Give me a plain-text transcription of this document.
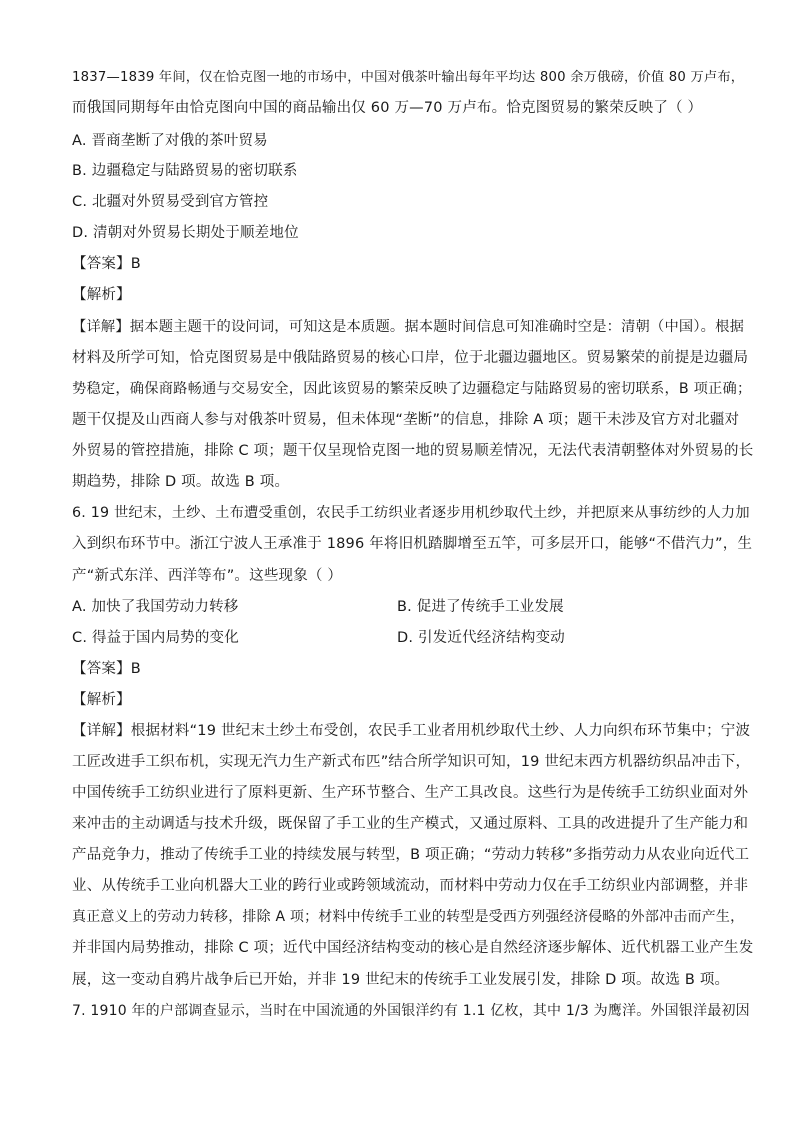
1837—1839 年间，仅在恰克图一地的市场中，中国对俄茶叶输出每年平均达 800 余万俄磅，价值 80 万卢布，
而俄国同期每年由恰克图向中国的商品输出仅 60 万—70 万卢布。恰克图贸易的繁荣反映了（ ）
A. 晋商垄断了对俄的茶叶贸易
B. 边疆稳定与陆路贸易的密切联系
C. 北疆对外贸易受到官方管控
D. 清朝对外贸易长期处于顺差地位
【答案】B
【解析】
【详解】据本题主题干的设问词，可知这是本质题。据本题时间信息可知准确时空是：清朝（中国）。根据
材料及所学可知，恰克图贸易是中俄陆路贸易的核心口岸，位于北疆边疆地区。贸易繁荣的前提是边疆局
势稳定，确保商路畅通与交易安全，因此该贸易的繁荣反映了边疆稳定与陆路贸易的密切联系，B 项正确；
题干仅提及山西商人参与对俄茶叶贸易，但未体现“垄断”的信息，排除 A 项；题干未涉及官方对北疆对
外贸易的管控措施，排除 C 项；题干仅呈现恰克图一地的贸易顺差情况，无法代表清朝整体对外贸易的长
期趋势，排除 D 项。故选 B 项。
6. 19 世纪末，土纱、土布遭受重创，农民手工纺织业者逐步用机纱取代土纱，并把原来从事纺纱的人力加
入到织布环节中。浙江宁波人王承准于 1896 年将旧机踏脚增至五竿，可多层开口，能够“不借汽力”，生
产“新式东洋、西洋等布”。这些现象（ ）
A. 加快了我国劳动力转移	B. 促进了传统手工业发展
C. 得益于国内局势的变化	D. 引发近代经济结构变动
【答案】B
【解析】
【详解】根据材料“19 世纪末土纱土布受创，农民手工业者用机纱取代土纱、人力向织布环节集中；宁波
工匠改进手工织布机，实现无汽力生产新式布匹”结合所学知识可知，19 世纪末西方机器纺织品冲击下，
中国传统手工纺织业进行了原料更新、生产环节整合、生产工具改良。这些行为是传统手工纺织业面对外
来冲击的主动调适与技术升级，既保留了手工业的生产模式，又通过原料、工具的改进提升了生产能力和
产品竞争力，推动了传统手工业的持续发展与转型，B 项正确；“劳动力转移”多指劳动力从农业向近代工
业、从传统手工业向机器大工业的跨行业或跨领域流动，而材料中劳动力仅在手工纺织业内部调整，并非
真正意义上的劳动力转移，排除 A 项；材料中传统手工业的转型是受西方列强经济侵略的外部冲击而产生，
并非国内局势推动，排除 C 项；近代中国经济结构变动的核心是自然经济逐步解体、近代机器工业产生发
展，这一变动自鸦片战争后已开始，并非 19 世纪末的传统手工业发展引发，排除 D 项。故选 B 项。
7. 1910 年的户部调查显示，当时在中国流通的外国银洋约有 1.1 亿枚，其中 1/3 为鹰洋。外国银洋最初因
